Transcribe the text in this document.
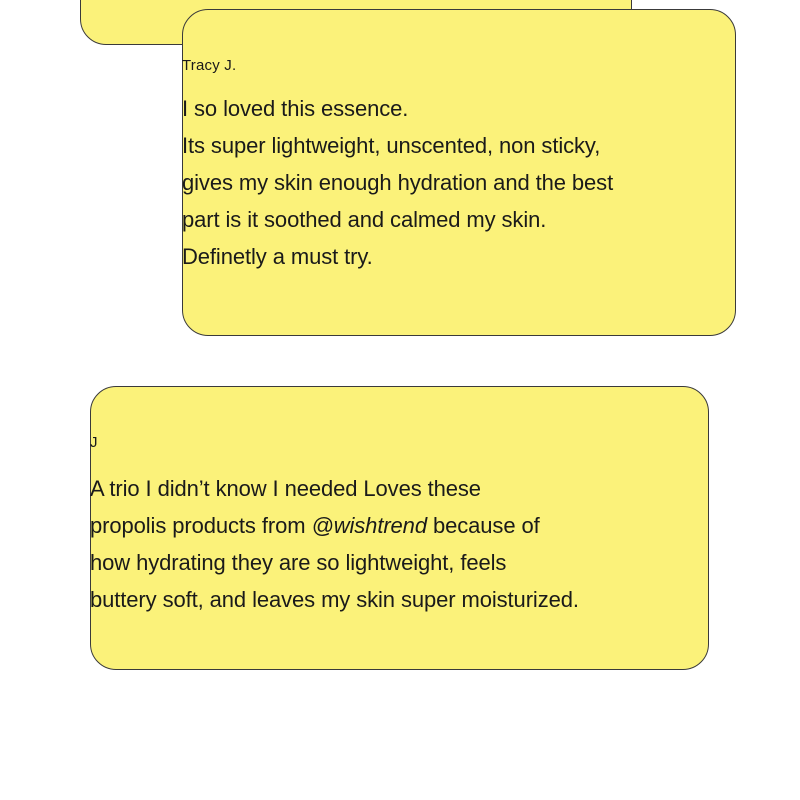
Tracy J.
I so loved this essence.
Its super lightweight, unscented, non sticky,
gives my skin enough hydration and the best
part is it soothed and calmed my skin.
Definetly a must try.
J
A trio I didn’t know I needed Loves these
propolis products from @wishtrend because of
how hydrating they are so lightweight, feels
buttery soft, and leaves my skin super moisturized.
